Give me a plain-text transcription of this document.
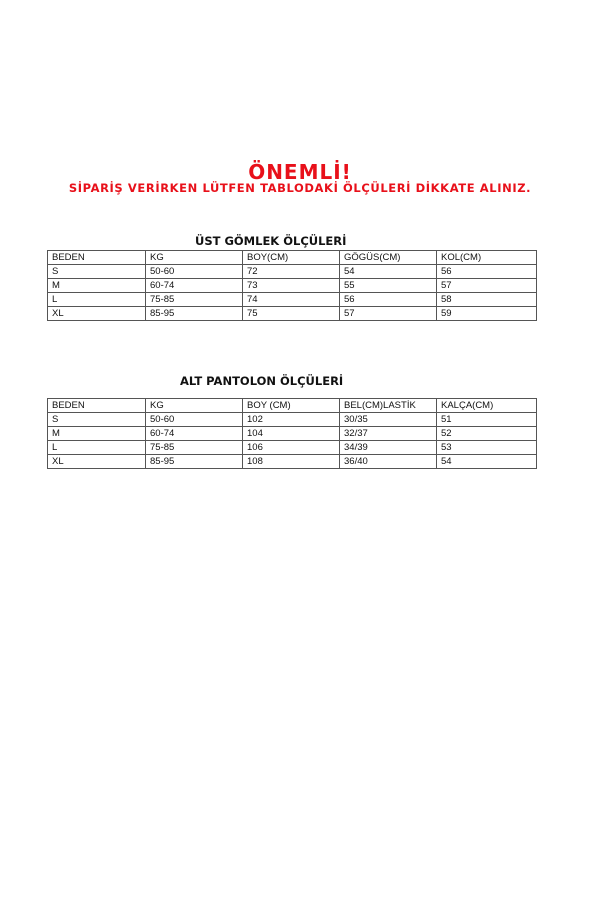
ÖNEMLİ!
SİPARİŞ VERİRKEN LÜTFEN TABLODAKİ ÖLÇÜLERİ DİKKATE ALINIZ.
ÜST GÖMLEK ÖLÇÜLERİ
BEDEN	KG	BOY(CM)	GÖGÜS(CM)	KOL(CM)
S	50-60	72	54	56
M	60-74	73	55	57
L	75-85	74	56	58
XL	85-95	75	57	59
ALT PANTOLON ÖLÇÜLERİ
BEDEN	KG	BOY (CM)	BEL(CM)LASTİK	KALÇA(CM)
S	50-60	102	30/35	51
M	60-74	104	32/37	52
L	75-85	106	34/39	53
XL	85-95	108	36/40	54
